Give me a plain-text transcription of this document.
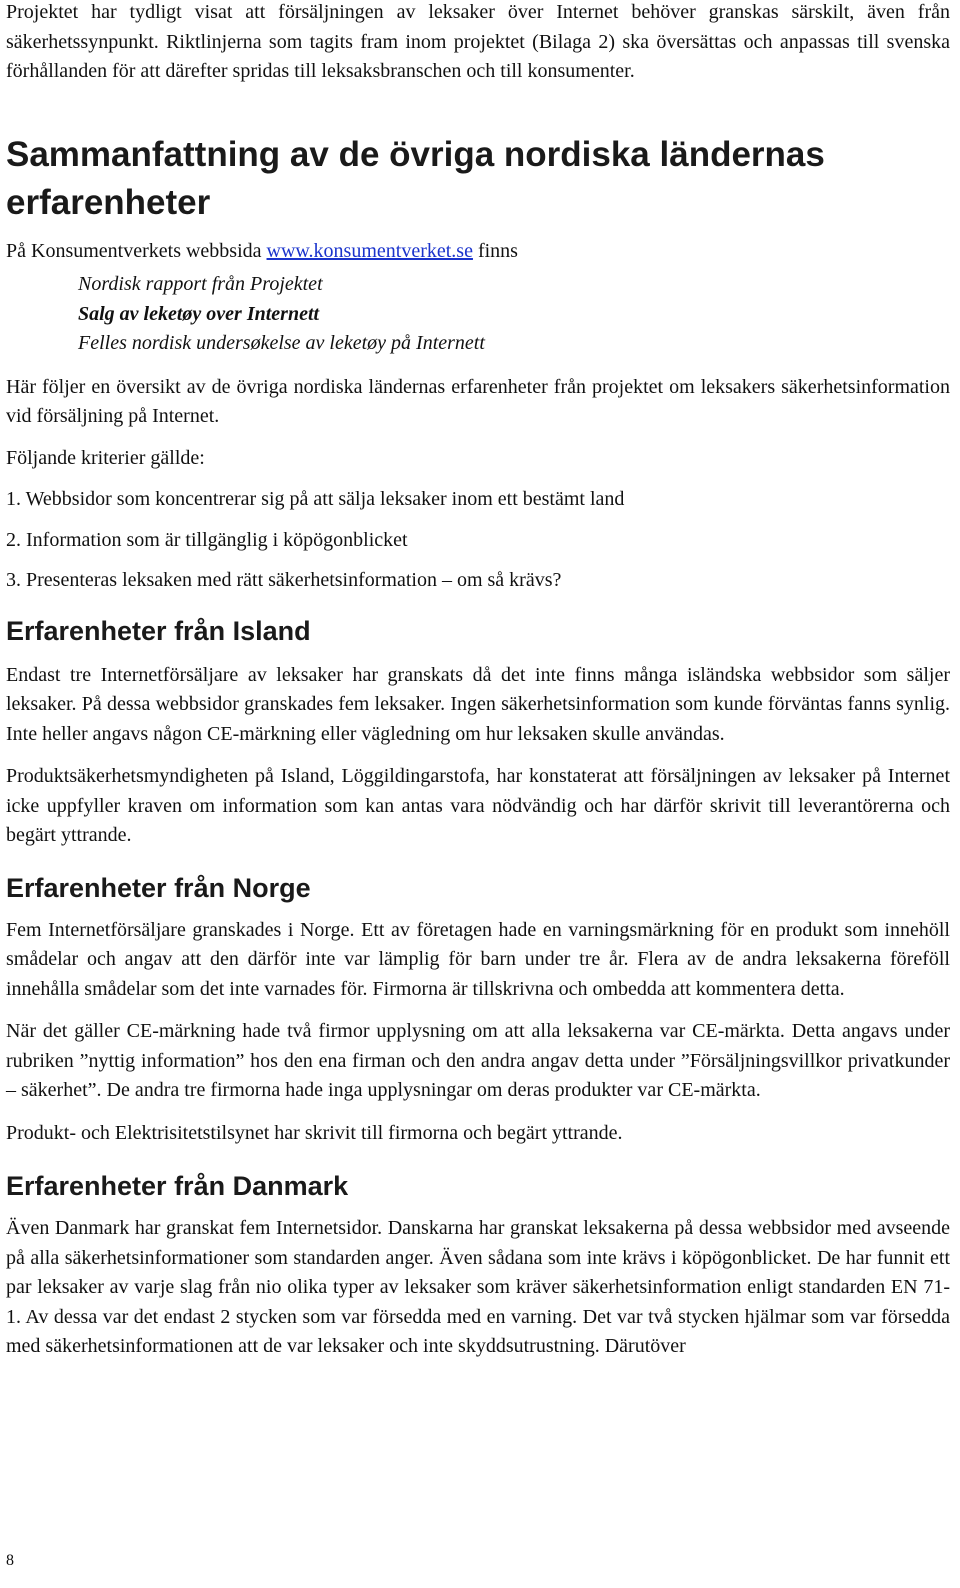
Projektet har tydligt visat att försäljningen av leksaker över Internet behöver granskas särskilt, även från säkerhetssynpunkt. Riktlinjerna som tagits fram inom projektet (Bilaga 2) ska översättas och anpassas till svenska förhållanden för att därefter spridas till leksaksbranschen och till konsumenter.

Sammanfattning av de övriga nordiska ländernas erfarenheter

På Konsumentverkets webbsida www.konsumentverket.se finns

Nordisk rapport från Projektet
Salg av leketøy over Internett
Felles nordisk undersøkelse av leketøy på Internett

Här följer en översikt av de övriga nordiska ländernas erfarenheter från projektet om leksakers säkerhetsinformation vid försäljning på Internet.

Följande kriterier gällde:

1. Webbsidor som koncentrerar sig på att sälja leksaker inom ett bestämt land

2. Information som är tillgänglig i köpögonblicket

3. Presenteras leksaken med rätt säkerhetsinformation – om så krävs?

Erfarenheter från Island

Endast tre Internetförsäljare av leksaker har granskats då det inte finns många isländska webbsidor som säljer leksaker. På dessa webbsidor granskades fem leksaker. Ingen säkerhetsinformation som kunde förväntas fanns synlig. Inte heller angavs någon CE-märkning eller vägledning om hur leksaken skulle användas.

Produktsäkerhetsmyndigheten på Island, Löggildingarstofa, har konstaterat att försäljningen av leksaker på Internet icke uppfyller kraven om information som kan antas vara nödvändig och har därför skrivit till leverantörerna och begärt yttrande.

Erfarenheter från Norge

Fem Internetförsäljare granskades i Norge. Ett av företagen hade en varningsmärkning för en produkt som innehöll smådelar och angav att den därför inte var lämplig för barn under tre år. Flera av de andra leksakerna föreföll innehålla smådelar som det inte varnades för. Firmorna är tillskrivna och ombedda att kommentera detta.

När det gäller CE-märkning hade två firmor upplysning om att alla leksakerna var CE-märkta. Detta angavs under rubriken ”nyttig information” hos den ena firman och den andra angav detta under ”Försäljningsvillkor privatkunder – säkerhet”. De andra tre firmorna hade inga upplysningar om deras produkter var CE-märkta.

Produkt- och Elektrisitetstilsynet har skrivit till firmorna och begärt yttrande.

Erfarenheter från Danmark

Även Danmark har granskat fem Internetsidor. Danskarna har granskat leksakerna på dessa webbsidor med avseende på alla säkerhetsinformationer som standarden anger. Även sådana som inte krävs i köpögonblicket. De har funnit ett par leksaker av varje slag från nio olika typer av leksaker som kräver säkerhetsinformation enligt standarden EN 71-1. Av dessa var det endast 2 stycken som var försedda med en varning. Det var två stycken hjälmar som var försedda med säkerhetsinformationen att de var leksaker och inte skyddsutrustning. Därutöver

8
